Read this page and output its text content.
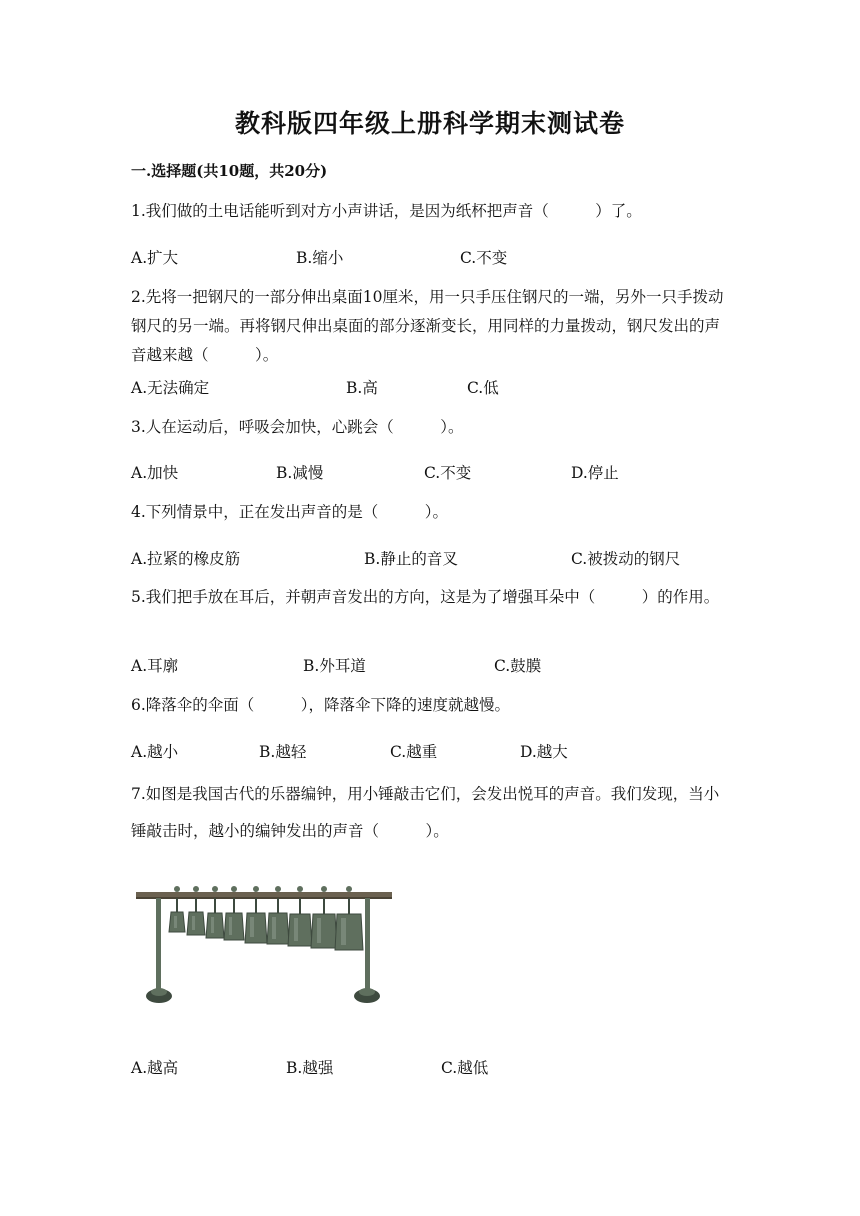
教科版四年级上册科学期末测试卷
一.选择题(共10题，共20分)
1.我们做的土电话能听到对方小声讲话，是因为纸杯把声音（　　　）了。
A.扩大	B.缩小	C.不变
2.先将一把钢尺的一部分伸出桌面10厘米，用一只手压住钢尺的一端，另外一只手拨动钢尺的另一端。再将钢尺伸出桌面的部分逐渐变长，用同样的力量拨动，钢尺发出的声音越来越（　　　）。
A.无法确定	B.高	C.低
3.人在运动后，呼吸会加快，心跳会（　　　）。
A.加快	B.减慢	C.不变	D.停止
4.下列情景中，正在发出声音的是（　　　）。
A.拉紧的橡皮筋	B.静止的音叉	C.被拨动的钢尺
5.我们把手放在耳后，并朝声音发出的方向，这是为了增强耳朵中（　　　）的作用。
A.耳廓	B.外耳道	C.鼓膜
6.降落伞的伞面（　　　），降落伞下降的速度就越慢。
A.越小	B.越轻	C.越重	D.越大
7.如图是我国古代的乐器编钟，用小锤敲击它们，会发出悦耳的声音。我们发现，当小锤敲击时，越小的编钟发出的声音（　　　）。
A.越高	B.越强	C.越低
